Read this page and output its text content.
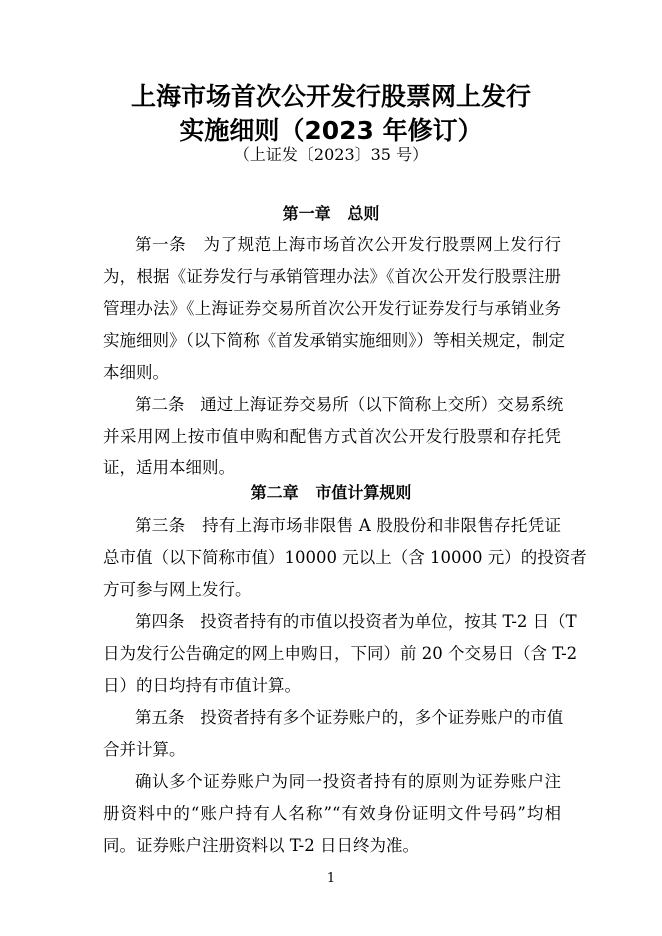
上海市场首次公开发行股票网上发行
实施细则（2023 年修订）
（上证发〔2023〕35 号）
第一章   总则
第一条   为了规范上海市场首次公开发行股票网上发行行
为，根据《证券发行与承销管理办法》《首次公开发行股票注册
管理办法》《上海证券交易所首次公开发行证券发行与承销业务
实施细则》（以下简称《首发承销实施细则》）等相关规定，制定
本细则。
第二条   通过上海证券交易所（以下简称上交所）交易系统
并采用网上按市值申购和配售方式首次公开发行股票和存托凭
证，适用本细则。
第二章   市值计算规则
第三条   持有上海市场非限售 A 股股份和非限售存托凭证
总市值（以下简称市值）10000 元以上（含 10000 元）的投资者
方可参与网上发行。
第四条   投资者持有的市值以投资者为单位，按其 T-2 日（T
日为发行公告确定的网上申购日，下同）前 20 个交易日（含 T-2
日）的日均持有市值计算。
第五条   投资者持有多个证券账户的，多个证券账户的市值
合并计算。
确认多个证券账户为同一投资者持有的原则为证券账户注
册资料中的“账户持有人名称”“有效身份证明文件号码”均相
同。证券账户注册资料以 T-2 日日终为准。
1
